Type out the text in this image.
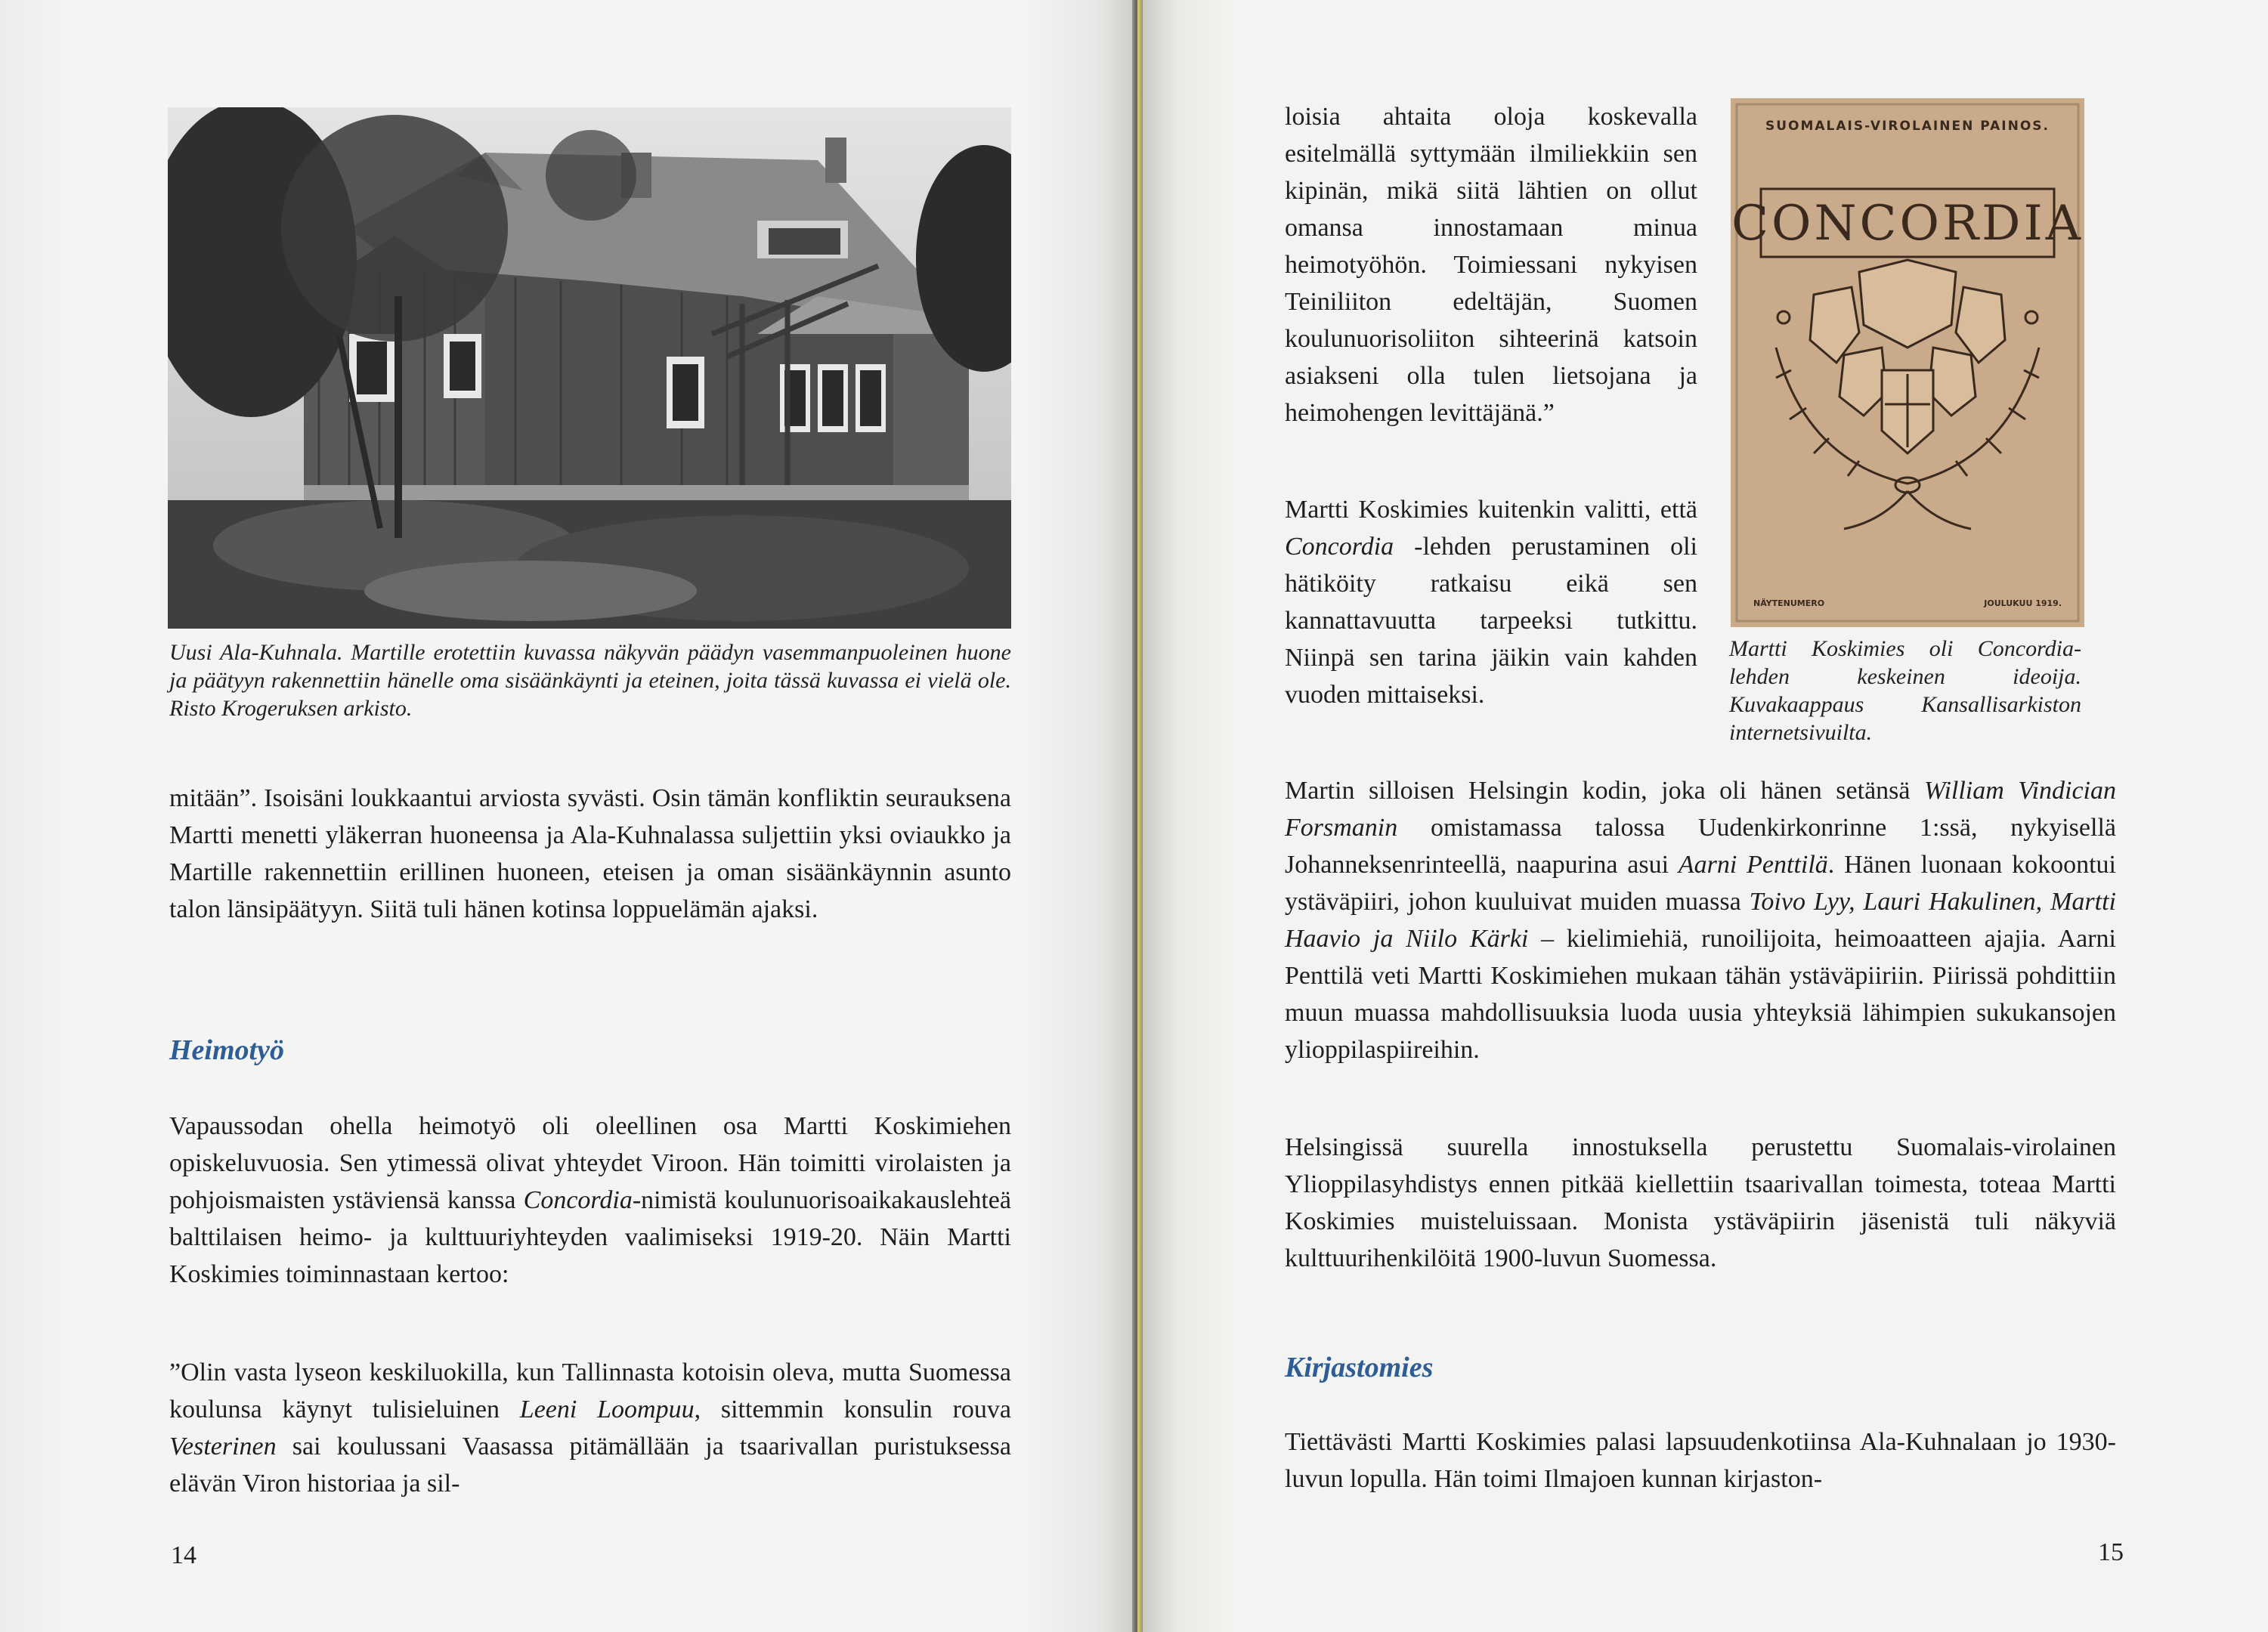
Uusi Ala-Kuhnala. Martille erotettiin kuvassa näkyvän päädyn vasemmanpuoleinen huone ja päätyyn rakennettiin hänelle oma sisäänkäynti ja eteinen, joita tässä kuvassa ei vielä ole. Risto Krogeruksen arkisto.

mitään”. Isoisäni loukkaantui arviosta syvästi. Osin tämän konfliktin seurauksena Martti menetti yläkerran huoneensa ja Ala-Kuhnalassa suljettiin yksi oviaukko ja Martille rakennettiin erillinen huoneen, eteisen ja oman sisäänkäynnin asunto talon länsipäätyyn. Siitä tuli hänen kotinsa loppuelämän ajaksi.

Heimotyö

Vapaussodan ohella heimotyö oli oleellinen osa Martti Koskimiehen opiskeluvuosia. Sen ytimessä olivat yhteydet Viroon. Hän toimitti virolaisten ja pohjoismaisten ystäviensä kanssa Concordia-nimistä koulunuorisoaikakauslehteä balttilaisen heimo- ja kulttuuriyhteyden vaalimiseksi 1919-20. Näin Martti Koskimies toiminnastaan kertoo:

”Olin vasta lyseon keskiluokilla, kun Tallinnasta kotoisin oleva, mutta Suomessa koulunsa käynyt tulisieluinen Leeni Loompuu, sittemmin konsulin rouva Vesterinen sai koulussani Vaasassa pitämällään ja tsaarivallan puristuksessa elävän Viron historiaa ja sil-

14

loisia ahtaita oloja koskevalla esitelmällä syttymään ilmiliekkiin sen kipinän, mikä siitä lähtien on ollut omansa innostamaan minua heimotyöhön. Toimiessani nykyisen Teiniliiton edeltäjän, Suomen koulunuorisoliiton sihteerinä katsoin asiakseni olla tulen lietsojana ja heimohengen levittäjänä.”

Martti Koskimies kuitenkin valitti, että Concordia -lehden perustaminen oli hätiköity ratkaisu eikä sen kannattavuutta tarpeeksi tutkittu. Niinpä sen tarina jäikin vain kahden vuoden mittaiseksi.

Martti Koskimies oli Concordia-lehden keskeinen ideoija. Kuvakaappaus Kansallisarkiston internetsivuilta.

Martin silloisen Helsingin kodin, joka oli hänen setänsä William Vindician Forsmanin omistamassa talossa Uudenkirkonrinne 1:ssä, nykyisellä Johanneksenrinteellä, naapurina asui Aarni Penttilä. Hänen luonaan kokoontui ystäväpiiri, johon kuuluivat muiden muassa Toivo Lyy, Lauri Hakulinen, Martti Haavio ja Niilo Kärki – kielimiehiä, runoilijoita, heimoaatteen ajajia. Aarni Penttilä veti Martti Koskimiehen mukaan tähän ystäväpiiriin. Piirissä pohdittiin muun muassa mahdollisuuksia luoda uusia yhteyksiä lähimpien sukukansojen ylioppilaspiireihin.

Helsingissä suurella innostuksella perustettu Suomalais-virolainen Ylioppilasyhdistys ennen pitkää kiellettiin tsaarivallan toimesta, toteaa Martti Koskimies muisteluissaan. Monista ystäväpiirin jäsenistä tuli näkyviä kulttuurihenkilöitä 1900-luvun Suomessa.

Kirjastomies

Tiettävästi Martti Koskimies palasi lapsuudenkotiinsa Ala-Kuhnalaan jo 1930-luvun lopulla. Hän toimi Ilmajoen kunnan kirjaston-

15
SUOMALAIS-VIROLAINEN PAINOS.
CONCORDIA
NÄYTENUMERO	JOULUKUU 1919.
